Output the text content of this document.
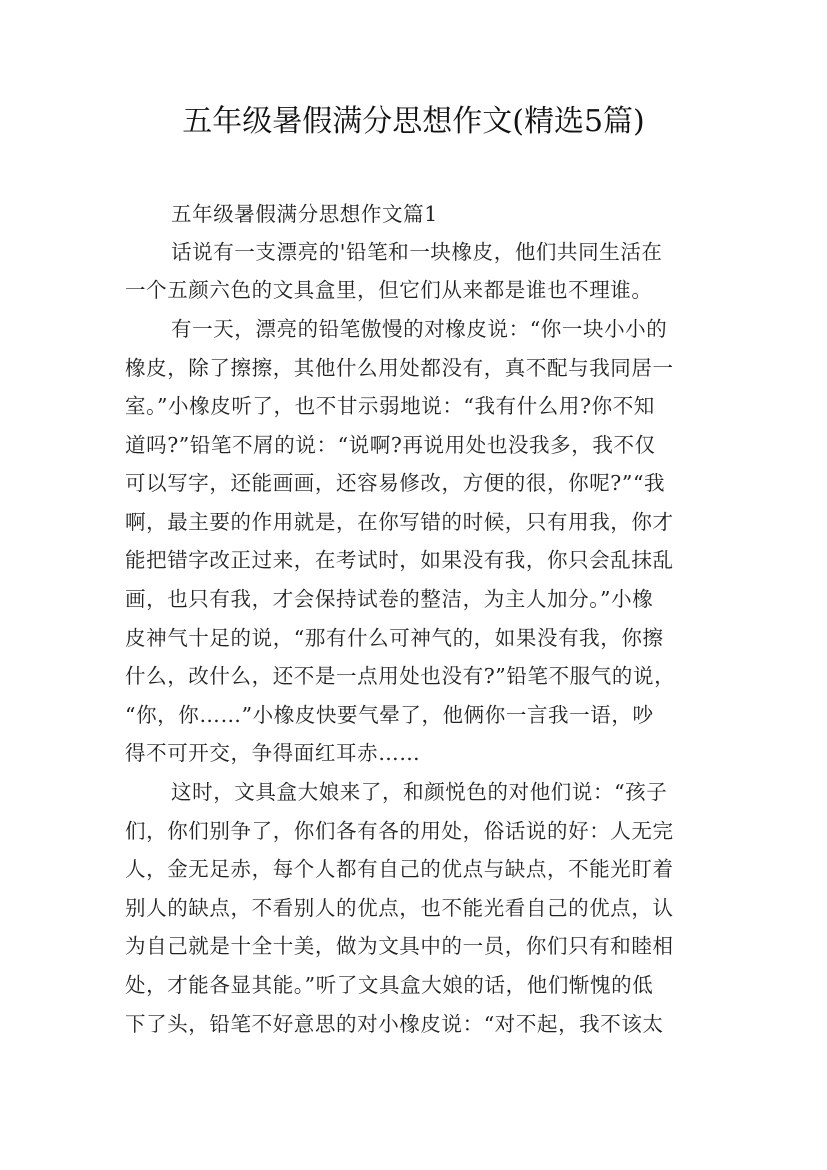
五年级暑假满分思想作文(精选5篇)
五年级暑假满分思想作文篇1
话说有一支漂亮的'铅笔和一块橡皮，他们共同生活在
一个五颜六色的文具盒里，但它们从来都是谁也不理谁。
有一天，漂亮的铅笔傲慢的对橡皮说：“你一块小小的
橡皮，除了擦擦，其他什么用处都没有，真不配与我同居一
室。”小橡皮听了，也不甘示弱地说：“我有什么用?你不知
道吗?”铅笔不屑的说：“说啊?再说用处也没我多，我不仅
可以写字，还能画画，还容易修改，方便的很，你呢?”“我
啊，最主要的作用就是，在你写错的时候，只有用我，你才
能把错字改正过来，在考试时，如果没有我，你只会乱抹乱
画，也只有我，才会保持试卷的整洁，为主人加分。”小橡
皮神气十足的说，“那有什么可神气的，如果没有我，你擦
什么，改什么，还不是一点用处也没有?”铅笔不服气的说，
“你，你……”小橡皮快要气晕了，他俩你一言我一语，吵
得不可开交，争得面红耳赤……
这时，文具盒大娘来了，和颜悦色的对他们说：“孩子
们，你们别争了，你们各有各的用处，俗话说的好：人无完
人，金无足赤，每个人都有自己的优点与缺点，不能光盯着
别人的缺点，不看别人的优点，也不能光看自己的优点，认
为自己就是十全十美，做为文具中的一员，你们只有和睦相
处，才能各显其能。”听了文具盒大娘的话，他们惭愧的低
下了头，铅笔不好意思的对小橡皮说：“对不起，我不该太
